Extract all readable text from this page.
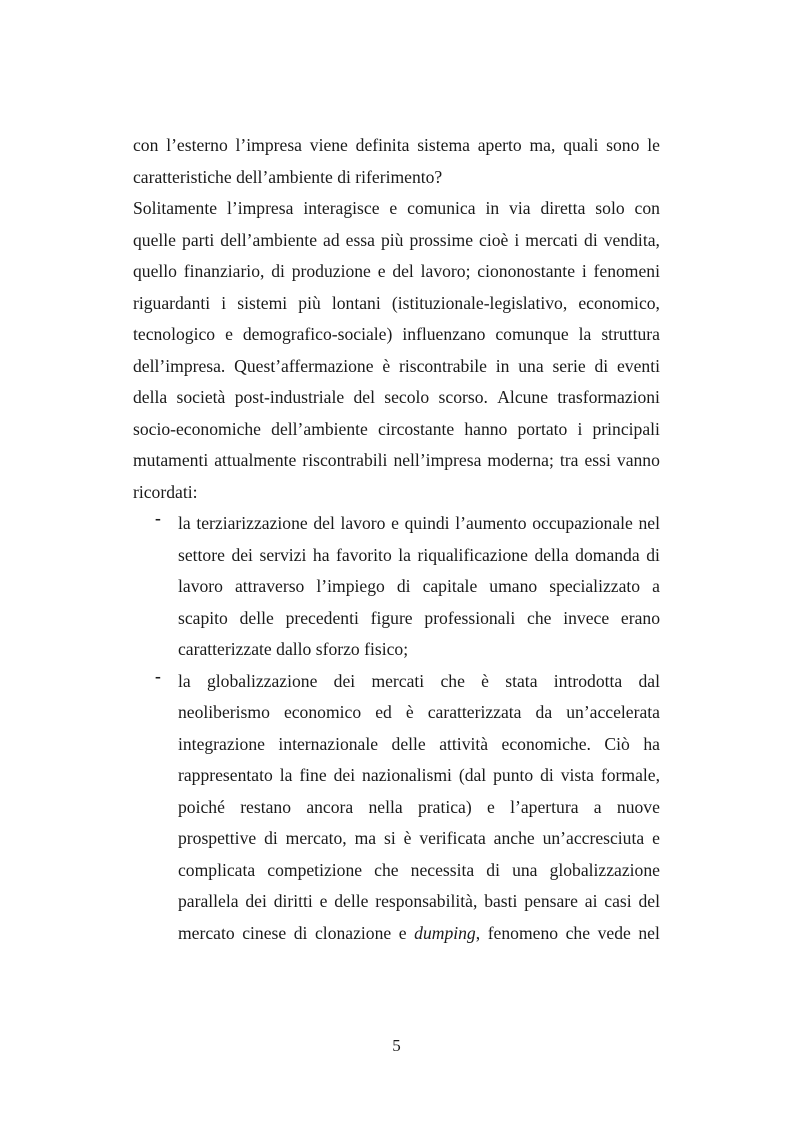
con l’esterno l’impresa viene definita sistema aperto ma, quali sono le
caratteristiche dell’ambiente di riferimento?
Solitamente l’impresa interagisce e comunica in via diretta solo con
quelle parti dell’ambiente ad essa più prossime cioè i mercati di vendita,
quello finanziario, di produzione e del lavoro; ciononostante i fenomeni
riguardanti i sistemi più lontani (istituzionale-legislativo, economico,
tecnologico e demografico-sociale) influenzano comunque la struttura
dell’impresa. Quest’affermazione è riscontrabile in una serie di eventi
della società post-industriale del secolo scorso. Alcune trasformazioni
socio-economiche dell’ambiente circostante hanno portato i principali
mutamenti attualmente riscontrabili nell’impresa moderna; tra essi vanno
ricordati:
- la terziarizzazione del lavoro e quindi l’aumento occupazionale nel
settore dei servizi ha favorito la riqualificazione della domanda di
lavoro attraverso l’impiego di capitale umano specializzato a
scapito delle precedenti figure professionali che invece erano
caratterizzate dallo sforzo fisico;
- la globalizzazione dei mercati che è stata introdotta dal
neoliberismo economico ed è caratterizzata da un’accelerata
integrazione internazionale delle attività economiche. Ciò ha
rappresentato la fine dei nazionalismi (dal punto di vista formale,
poiché restano ancora nella pratica) e l’apertura a nuove
prospettive di mercato, ma si è verificata anche un’accresciuta e
complicata competizione che necessita di una globalizzazione
parallela dei diritti e delle responsabilità, basti pensare ai casi del
mercato cinese di clonazione e dumping, fenomeno che vede nel
5
